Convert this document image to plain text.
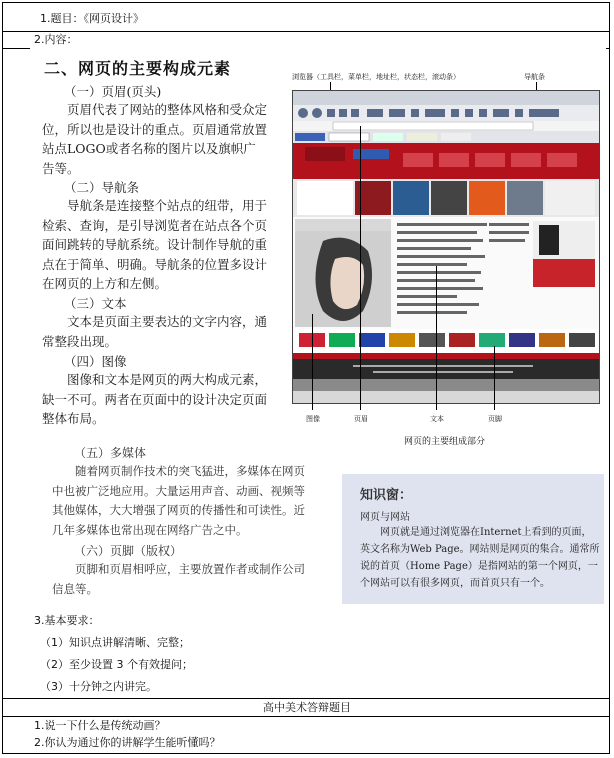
1.题目：《网页设计》
2.内容：
二、网页的主要构成元素
（一）页眉(页头)
页眉代表了网站的整体风格和受众定位，所以也是设计的重点。页眉通常放置站点LOGO或者名称的图片以及旗帜广告等。
（二）导航条
导航条是连接整个站点的纽带，用于检索、查询，是引导浏览者在站点各个页面间跳转的导航系统。设计制作导航的重点在于简单、明确。导航条的位置多设计在网页的上方和左侧。
（三）文本
文本是页面主要表达的文字内容，通常整段出现。
（四）图像
图像和文本是网页的两大构成元素，缺一不可。两者在页面中的设计决定页面整体布局。
（五）多媒体
随着网页制作技术的突飞猛进，多媒体在网页中也被广泛地应用。大量运用声音、动画、视频等其他媒体，大大增强了网页的传播性和可读性。近几年多媒体也常出现在网络广告之中。
（六）页脚（版权）
页脚和页眉相呼应，主要放置作者或制作公司信息等。
浏览器（工具栏，菜单栏，地址栏，状态栏，滚动条）	导航条
图像	页眉	文本	页脚
网页的主要组成部分
知识窗：
网页与网站
网页就是通过浏览器在Internet上看到的页面，英文名称为Web Page。网站则是网页的集合。通常所说的首页（Home Page）是指网站的第一个网页，一个网站可以有很多网页，而首页只有一个。
3.基本要求：
（1）知识点讲解清晰、完整；
（2）至少设置 3 个有效提问；
（3）十分钟之内讲完。
高中美术答辩题目
1.说一下什么是传统动画？
2.你认为通过你的讲解学生能听懂吗？
